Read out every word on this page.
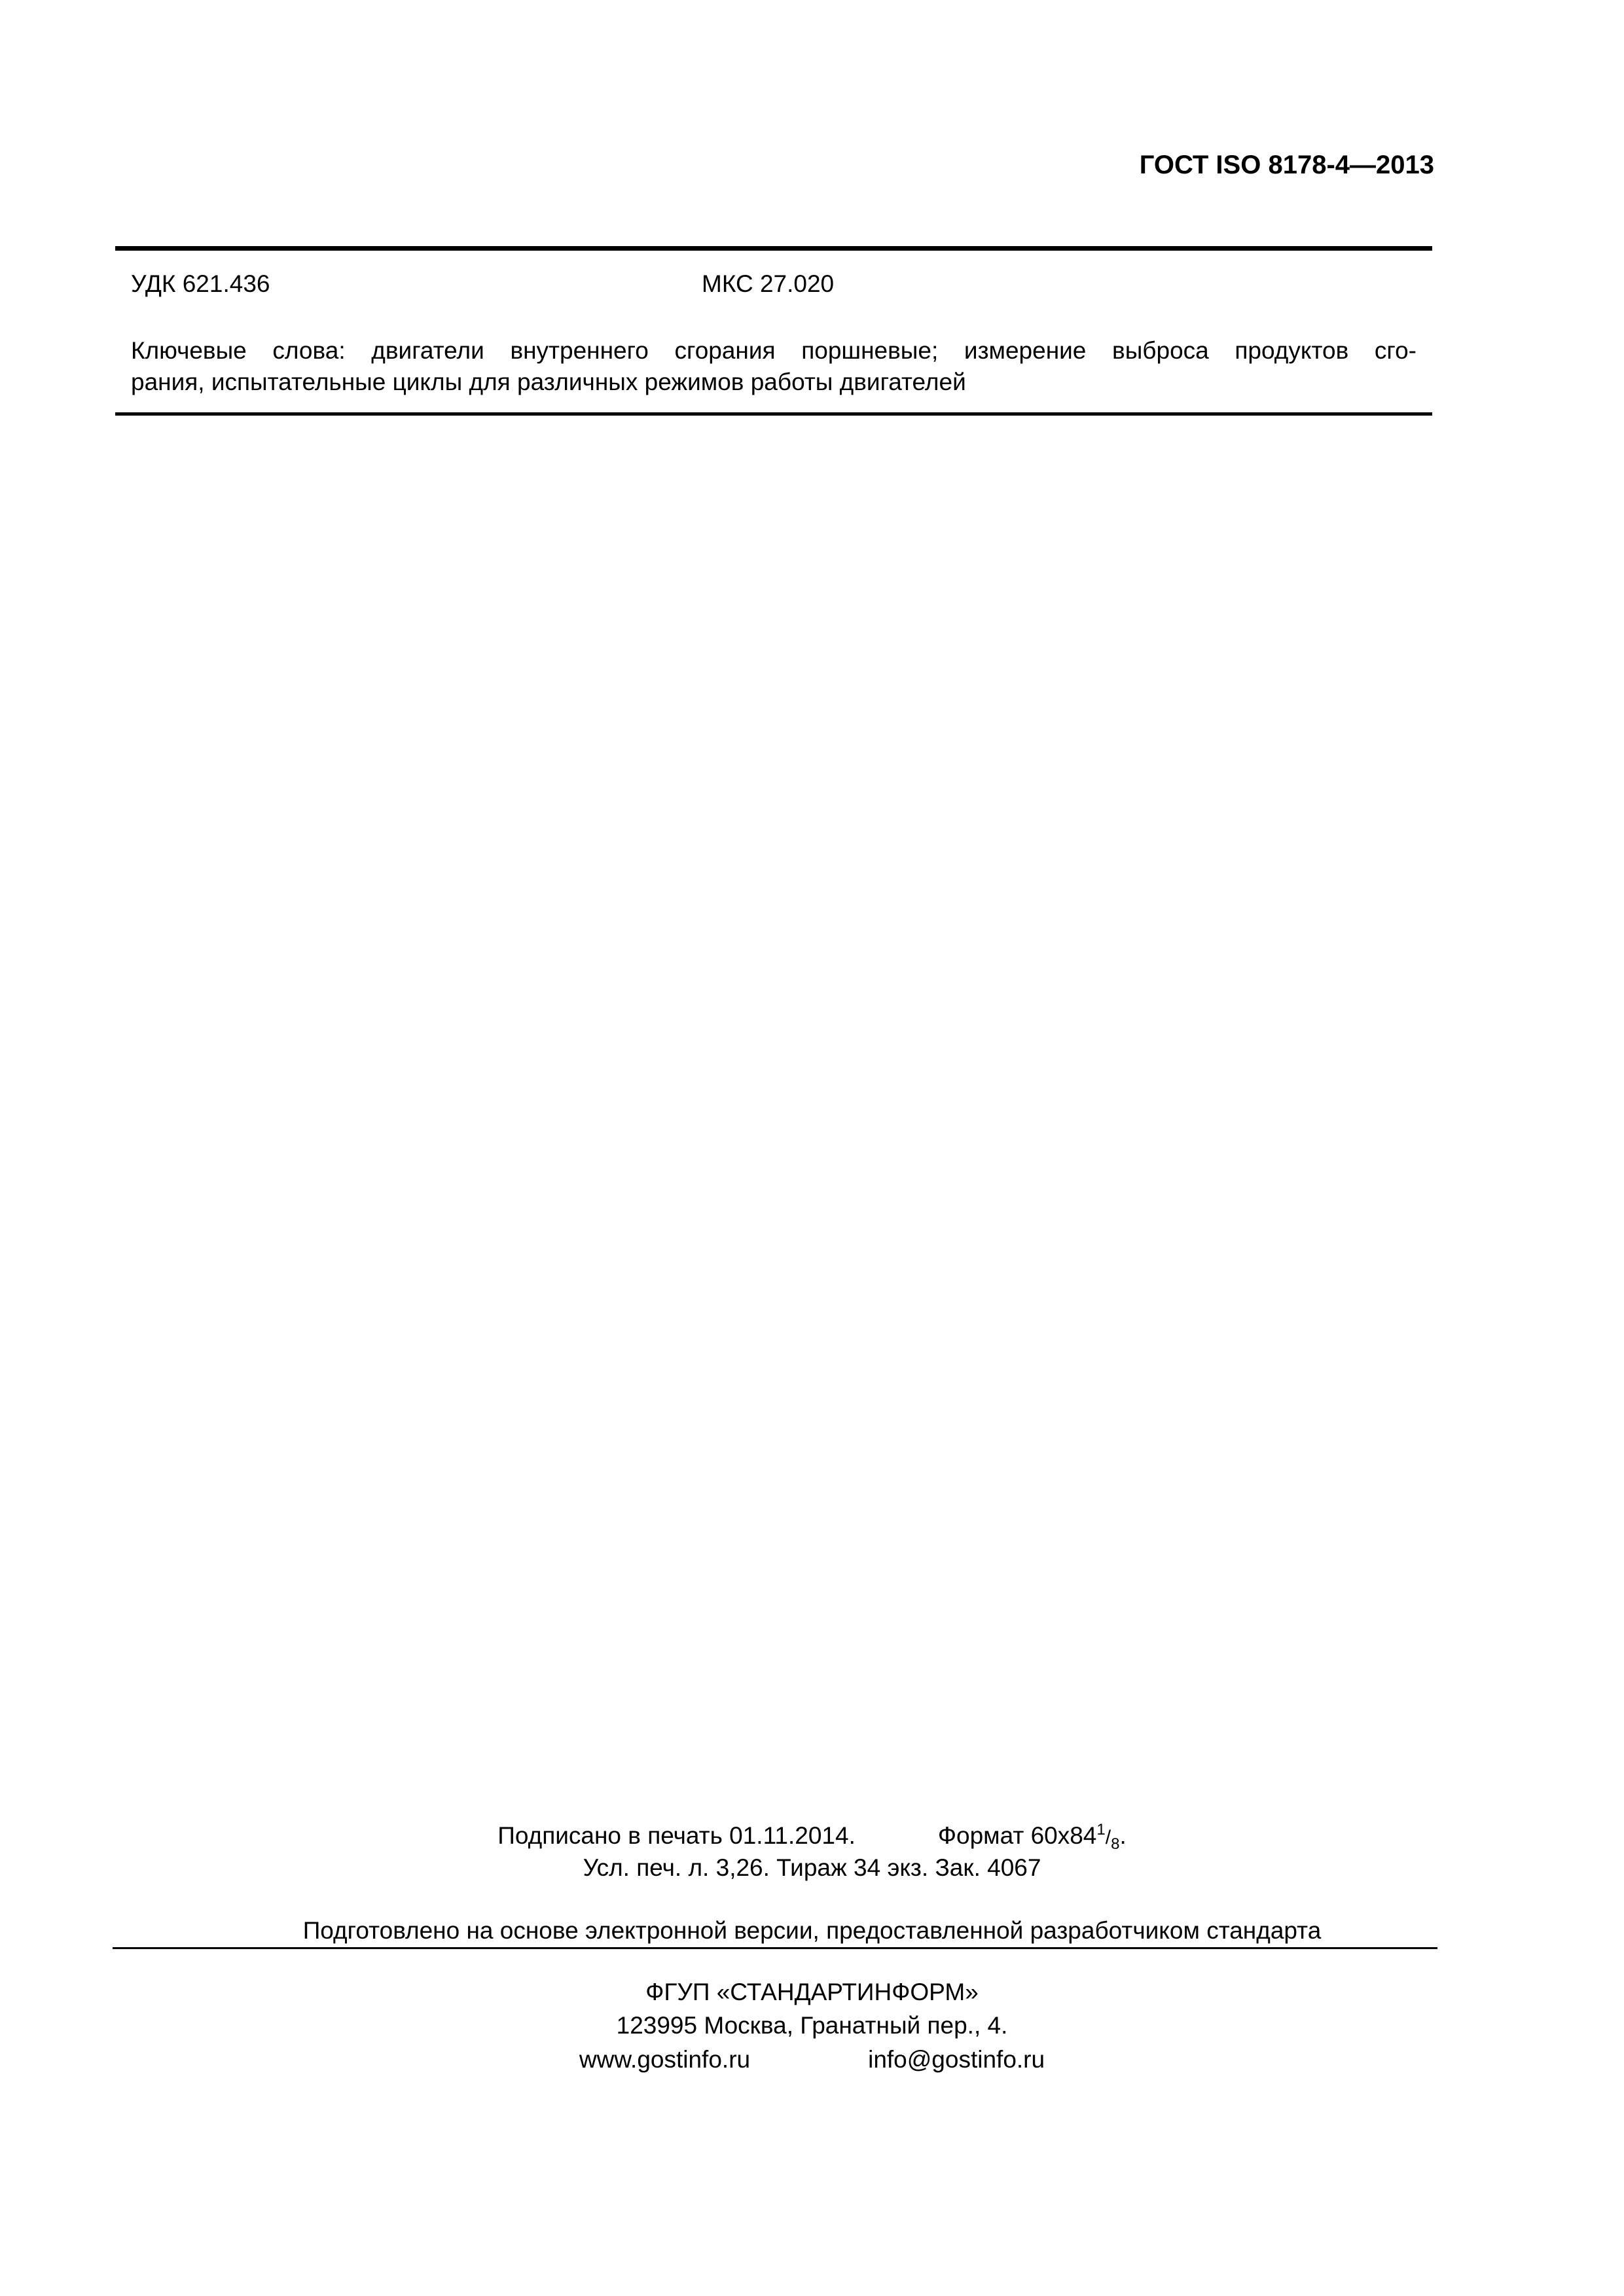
ГОСТ ISO 8178-4—2013
УДК 621.436	МКС 27.020
Ключевые слова: двигатели внутреннего сгорания поршневые; измерение выброса продуктов сго-
рания, испытательные циклы для различных режимов работы двигателей
Подписано в печать 01.11.2014.	Формат $60x84^1/_8$.
Усл. печ. л. 3,26. Тираж 34 экз. Зак. 4067
Подготовлено на основе электронной версии, предоставленной разработчиком стандарта
ФГУП «СТАНДАРТИНФОРМ»
123995 Москва, Гранатный пер., 4.
www.gostinfo.ru	info@gostinfo.ru
